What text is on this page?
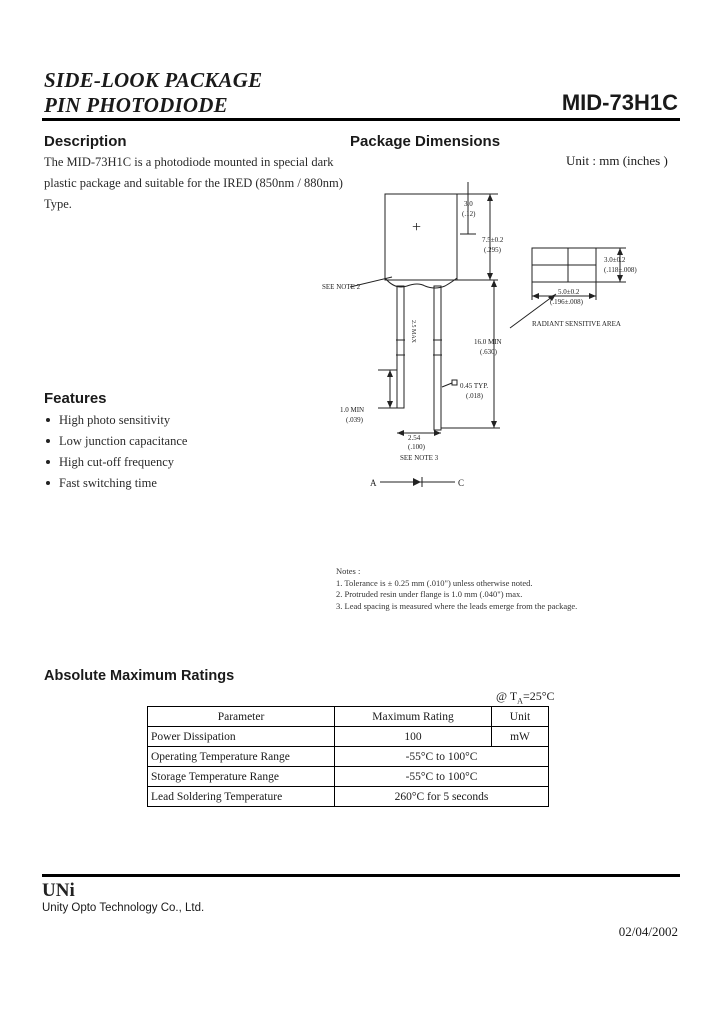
SIDE-LOOK PACKAGE
PIN PHOTODIODE	MID-73H1C
Description
The MID-73H1C is a photodiode mounted in special dark
plastic package and suitable for the IRED (850nm / 880nm)
Type.
Features
High photo sensitivity
Low junction capacitance
High cut-off frequency
Fast switching time
Package Dimensions
Unit : mm (inches )
+
3.0
(.12)
7.5±0.2
(.295)
16.0 MIN
(.630)
0.45 TYP.
(.018)
1.0 MIN
(.039)
2.54
(.100)
2.5 MAX
SEE NOTE 3
SEE NOTE 2
5.0±0.2
(.196±.008)
3.0±0.2
(.118±.008)
RADIANT SENSITIVE AREA
A	C
Notes :
1. Tolerance is ± 0.25 mm (.010") unless otherwise noted.
2. Protruded resin under flange is 1.0 mm (.040") max.
3. Lead spacing is measured where the leads emerge from the package.
Absolute Maximum Ratings
@ $T_A=25^\circ C$
Parameter	Maximum Rating	Unit
Power Dissipation	100	mW
Operating Temperature Range	-55°C to 100°C	
Storage Temperature Range	-55°C to 100°C	
Lead Soldering Temperature	260°C for 5 seconds	
UNi
Unity Opto Technology Co., Ltd.
02/04/2002
